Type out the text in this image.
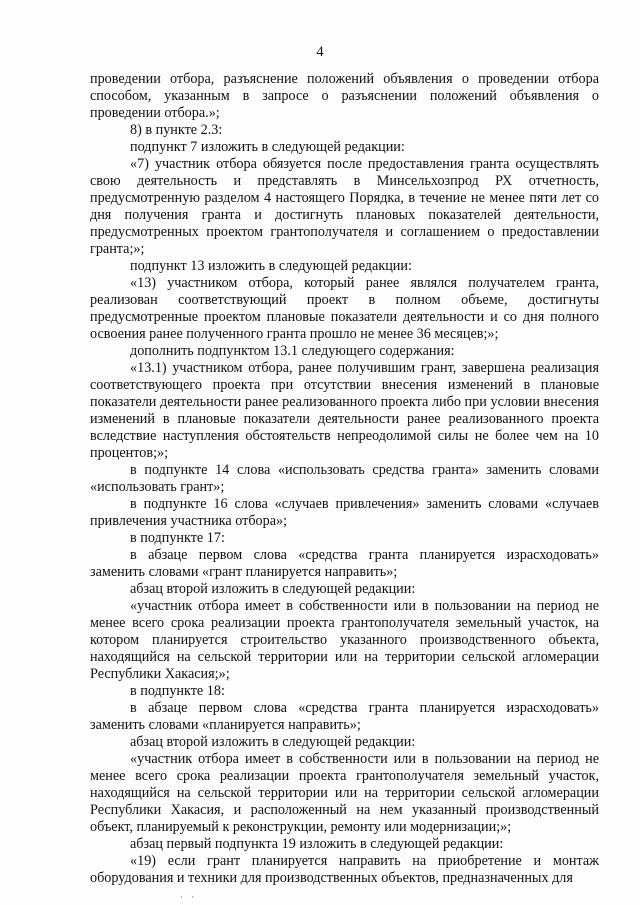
4

проведении отбора, разъяснение положений объявления о проведении отбора способом, указанным в запросе о разъяснении положений объявления о проведении отбора.»;

8) в пункте 2.3:

подпункт 7 изложить в следующей редакции:

«7) участник отбора обязуется после предоставления гранта осуществлять свою деятельность и представлять в Минсельхозпрод РХ отчетность, предусмотренную разделом 4 настоящего Порядка, в течение не менее пяти лет со дня получения гранта и достигнуть плановых показателей деятельности, предусмотренных проектом грантополучателя и соглашением о предоставлении гранта;»;

подпункт 13 изложить в следующей редакции:

«13) участником отбора, который ранее являлся получателем гранта, реализован соответствующий проект в полном объеме, достигнуты предусмотренные проектом плановые показатели деятельности и со дня полного освоения ранее полученного гранта прошло не менее 36 месяцев;»;

дополнить подпунктом 13.1 следующего содержания:

«13.1) участником отбора, ранее получившим грант, завершена реализация соответствующего проекта при отсутствии внесения изменений в плановые показатели деятельности ранее реализованного проекта либо при условии внесения изменений в плановые показатели деятельности ранее реализованного проекта вследствие наступления обстоятельств непреодолимой силы не более чем на 10 процентов;»;

в подпункте 14 слова «использовать средства гранта» заменить словами «использовать грант»;

в подпункте 16 слова «случаев привлечения» заменить словами «случаев привлечения участника отбора»;

в подпункте 17:

в абзаце первом слова «средства гранта планируется израсходовать» заменить словами «грант планируется направить»;

абзац второй изложить в следующей редакции:

«участник отбора имеет в собственности или в пользовании на период не менее всего срока реализации проекта грантополучателя земельный участок, на котором планируется строительство указанного производственного объекта, находящийся на сельской территории или на территории сельской агломерации Республики Хакасия;»;

в подпункте 18:

в абзаце первом слова «средства гранта планируется израсходовать» заменить словами «планируется направить»;

абзац второй изложить в следующей редакции:

«участник отбора имеет в собственности или в пользовании на период не менее всего срока реализации проекта грантополучателя земельный участок, находящийся на сельской территории или на территории сельской агломерации Республики Хакасия, и расположенный на нем указанный производственный объект, планируемый к реконструкции, ремонту или модернизации;»;

абзац первый подпункта 19 изложить в следующей редакции:

«19) если грант планируется направить на приобретение и монтаж оборудования и техники для производственных объектов, предназначенных для

· ·
